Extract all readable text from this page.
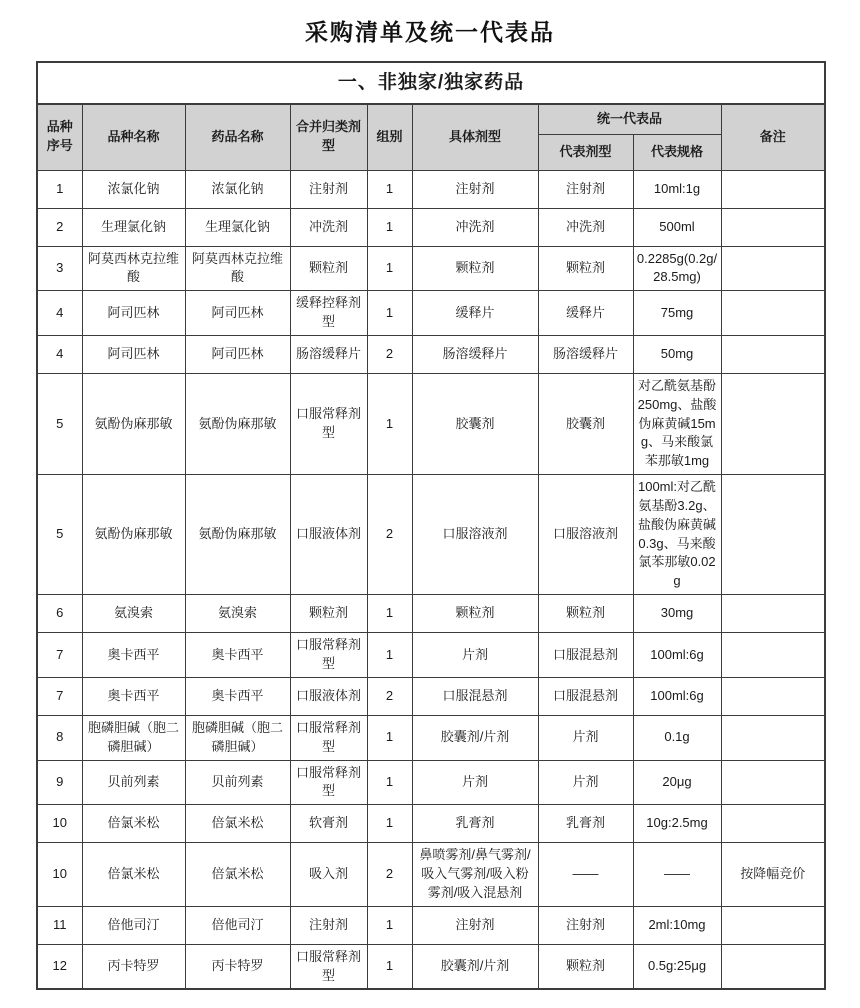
采购清单及统一代表品
一、非独家/独家药品								
品种序号	品种名称	药品名称	合并归类剂型	组别	具体剂型	统一代表品		备注
						代表剂型	代表规格	
1	浓氯化钠	浓氯化钠	注射剂	1	注射剂	注射剂	10ml:1g	
2	生理氯化钠	生理氯化钠	冲洗剂	1	冲洗剂	冲洗剂	500ml	
3	阿莫西林克拉维酸	阿莫西林克拉维酸	颗粒剂	1	颗粒剂	颗粒剂	0.2285g(0.2g/28.5mg)	
4	阿司匹林	阿司匹林	缓释控释剂型	1	缓释片	缓释片	75mg	
4	阿司匹林	阿司匹林	肠溶缓释片	2	肠溶缓释片	肠溶缓释片	50mg	
5	氨酚伪麻那敏	氨酚伪麻那敏	口服常释剂型	1	胶囊剂	胶囊剂	对乙酰氨基酚250mg、盐酸伪麻黄碱15mg、马来酸氯苯那敏1mg	
5	氨酚伪麻那敏	氨酚伪麻那敏	口服液体剂	2	口服溶液剂	口服溶液剂	100ml:对乙酰氨基酚3.2g、盐酸伪麻黄碱0.3g、马来酸氯苯那敏0.02g	
6	氨溴索	氨溴索	颗粒剂	1	颗粒剂	颗粒剂	30mg	
7	奥卡西平	奥卡西平	口服常释剂型	1	片剂	口服混悬剂	100ml:6g	
7	奥卡西平	奥卡西平	口服液体剂	2	口服混悬剂	口服混悬剂	100ml:6g	
8	胞磷胆碱（胞二磷胆碱）	胞磷胆碱（胞二磷胆碱）	口服常释剂型	1	胶囊剂/片剂	片剂	0.1g	
9	贝前列素	贝前列素	口服常释剂型	1	片剂	片剂	20μg	
10	倍氯米松	倍氯米松	软膏剂	1	乳膏剂	乳膏剂	10g:2.5mg	
10	倍氯米松	倍氯米松	吸入剂	2	鼻喷雾剂/鼻气雾剂/吸入气雾剂/吸入粉雾剂/吸入混悬剂	——	——	按降幅竞价
11	倍他司汀	倍他司汀	注射剂	1	注射剂	注射剂	2ml:10mg	
12	丙卡特罗	丙卡特罗	口服常释剂型	1	胶囊剂/片剂	颗粒剂	0.5g:25μg	
